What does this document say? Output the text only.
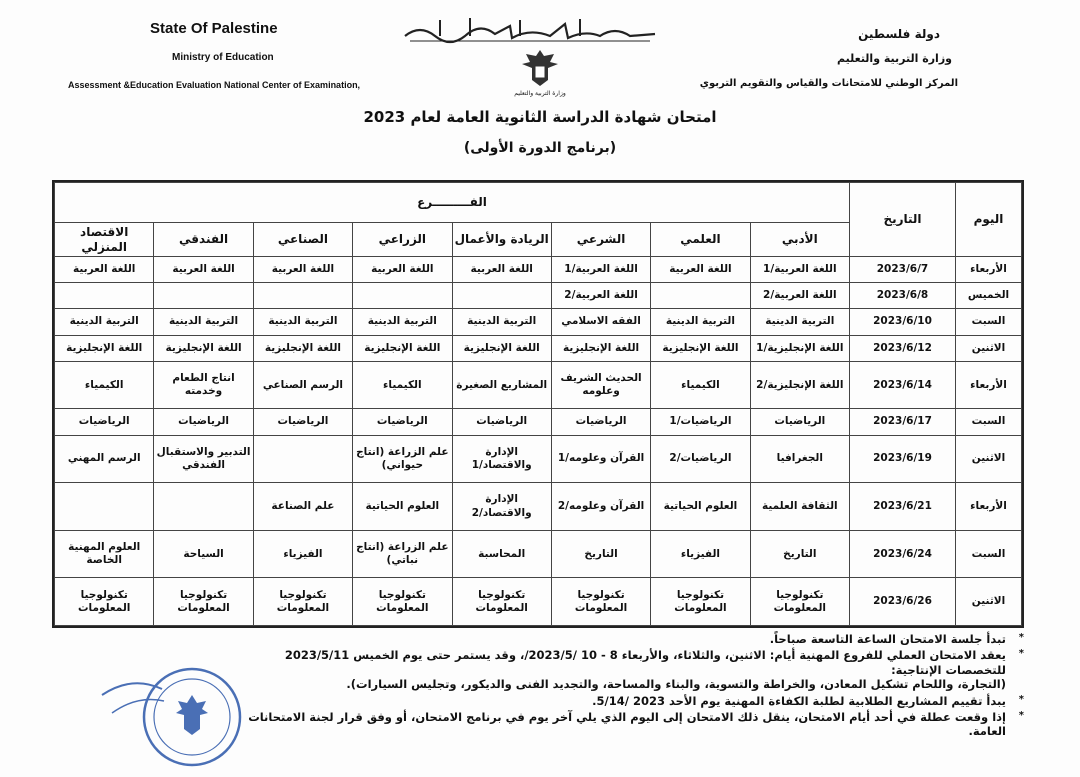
State Of Palestine
Ministry of Education
Assessment &Education Evaluation National Center of Examination,
دولة فلسطين
وزارة التربية والتعليم
المركز الوطني للامتحانات والقياس والتقويم التربوي
وزارة التربية والتعليم
امتحان شهادة الدراسة الثانوية العامة لعام 2023
(برنامج الدورة الأولى)
اليوم	التاريخ	الفـــــــــرع							
		الأدبي	العلمي	الشرعي	الريادة والأعمال	الزراعي	الصناعي	الفندقي	الاقتصاد المنزلي
الأربعاء	2023/6/7	اللغة العربية/1	اللغة العربية	اللغة العربية/1	اللغة العربية	اللغة العربية	اللغة العربية	اللغة العربية	اللغة العربية
الخميس	2023/6/8	اللغة العربية/2		اللغة العربية/2					
السبت	2023/6/10	التربية الدينية	التربية الدينية	الفقه الاسلامي	التربية الدينية	التربية الدينية	التربية الدينية	التربية الدينية	التربية الدينية
الاثنين	2023/6/12	اللغة الإنجليزية/1	اللغة الإنجليزية	اللغة الإنجليزية	اللغة الإنجليزية	اللغة الإنجليزية	اللغة الإنجليزية	اللغة الإنجليزية	اللغة الإنجليزية
الأربعاء	2023/6/14	اللغة الإنجليزية/2	الكيمياء	الحديث الشريف وعلومه	المشاريع الصغيرة	الكيمياء	الرسم الصناعي	انتاج الطعام وخدمته	الكيمياء
السبت	2023/6/17	الرياضيات	الرياضيات/1	الرياضيات	الرياضيات	الرياضيات	الرياضيات	الرياضيات	الرياضيات
الاثنين	2023/6/19	الجغرافيا	الرياضيات/2	القرآن وعلومه/1	الإدارة والاقتصاد/1	علم الزراعة (انتاج حيواني)		التدبير والاستقبال الفندقي	الرسم المهني
الأربعاء	2023/6/21	الثقافة العلمية	العلوم الحياتية	القرآن وعلومه/2	الإدارة والاقتصاد/2	العلوم الحياتية	علم الصناعة		
السبت	2023/6/24	التاريخ	الفيزياء	التاريخ	المحاسبة	علم الزراعة (انتاج نباتي)	الفيزياء	السياحة	العلوم المهنية الخاصة
الاثنين	2023/6/26	تكنولوجيا المعلومات	تكنولوجيا المعلومات	تكنولوجيا المعلومات	تكنولوجيا المعلومات	تكنولوجيا المعلومات	تكنولوجيا المعلومات	تكنولوجيا المعلومات	تكنولوجيا المعلومات
*
تبدأ جلسة الامتحان الساعة التاسعة صباحاً.
*
يعقد الامتحان العملي للفروع المهنية أيام: الاثنين، والثلاثاء، والأربعاء 8 - 10 /2023/5/، وقد يستمر حتى يوم الخميس 2023/5/11 للتخصصات الإنتاجية:
(التجارة، واللحام تشكيل المعادن، والخراطة والتسوية، والبناء والمساحة، والتجديد الفنى والديكور، وتجليس السيارات).
*
يبدأ تقييم المشاريع الطلابية لطلبة الكفاءة المهنية يوم الأحد 2023 /5/14.
*
إذا وقعت عطلة في أحد أيام الامتحان، ينقل ذلك الامتحان إلى اليوم الذي يلي آخر يوم في برنامج الامتحان، أو وفق قرار لجنة الامتحانات العامة.
